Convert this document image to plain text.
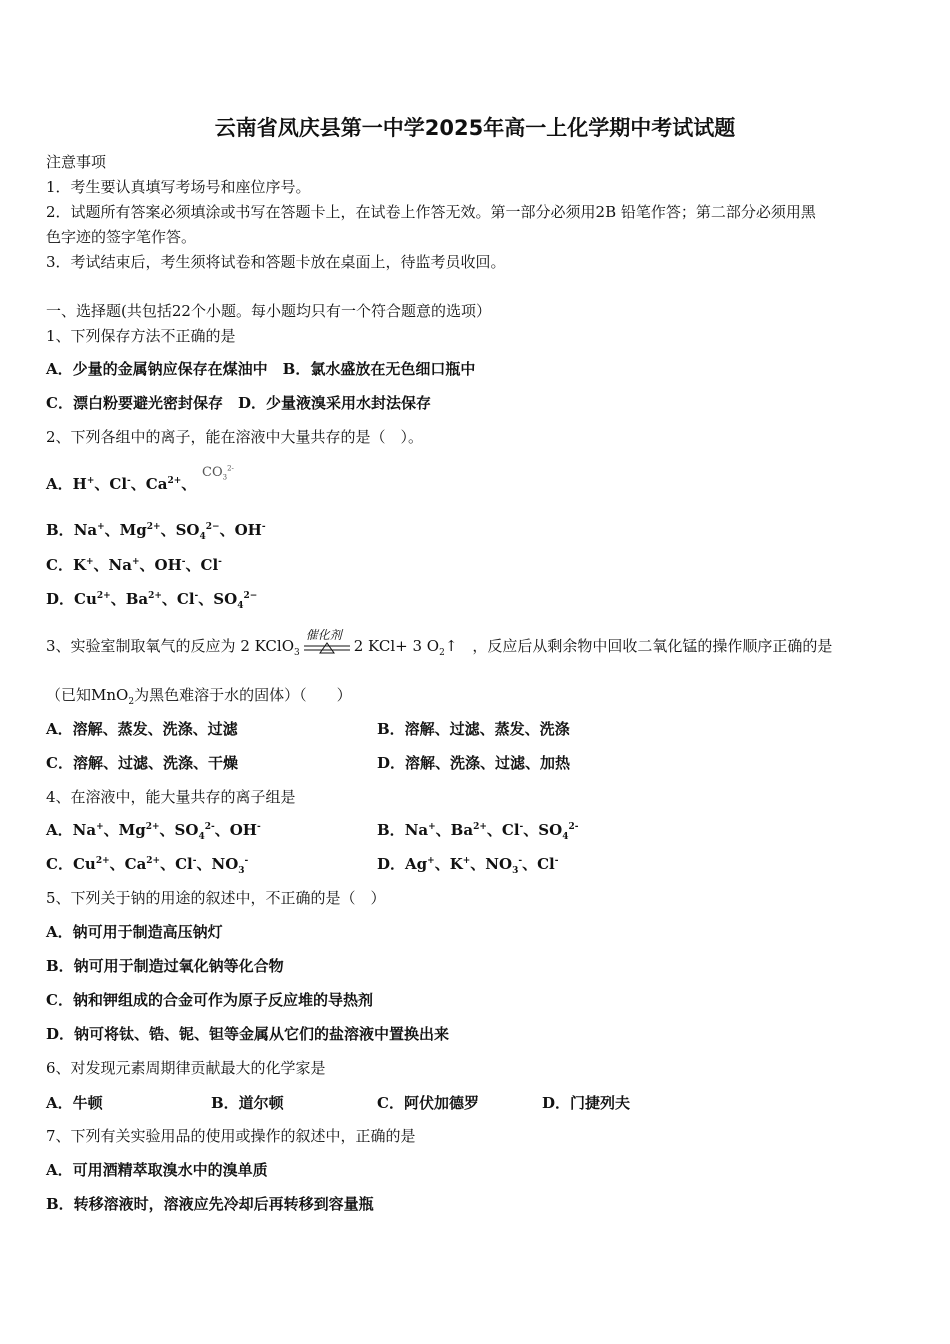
云南省凤庆县第一中学2025年高一上化学期中考试试题
注意事项
1．考生要认真填写考场号和座位序号。
2．试题所有答案必须填涂或书写在答题卡上，在试卷上作答无效。第一部分必须用2B 铅笔作答；第二部分必须用黑
色字迹的签字笔作答。
3．考试结束后，考生须将试卷和答题卡放在桌面上，待监考员收回。
一、选择题(共包括22个小题。每小题均只有一个符合题意的选项）
1、下列保存方法不正确的是
A．少量的金属钠应保存在煤油中　B．氯水盛放在无色细口瓶中
C．漂白粉要避光密封保存　D．少量液溴采用水封法保存
2、下列各组中的离子，能在溶液中大量共存的是（　）。
A．H+、Cl-、$Ca^{2+}$、
$CO_3^{2-}$
B．Na+、$Mg^{2+}$、$SO_4^{2-}$、OH-
C．K+、Na+、OH-、Cl-
D．$Cu^{2+}$、$Ba^{2+}$、Cl-、$SO_4^{2-}$
3、实验室制取氧气的反应为 2 KClO$_3$
催化剂
2 KCl+ 3 $O_2↑$　，反应后从剩余物中回收二氧化锰的操作顺序正确的是
（已知MnO$_2$为黑色难溶于水的固体）（　　）
A．溶解、蒸发、洗涤、过滤	B．溶解、过滤、蒸发、洗涤
C．溶解、过滤、洗涤、干燥	D．溶解、洗涤、过滤、加热
4、在溶液中，能大量共存的离子组是
A．Na+、$Mg^{2+}$、$SO_4^{2-}$、OH-	B．Na+、$Ba^{2+}$、Cl-、$SO_4^{2-}$
C．$Cu^{2+}$、$Ca^{2+}$、Cl-、$NO_3^-$	D．Ag+、K+、$NO_3^-$、Cl-
5、下列关于钠的用途的叙述中，不正确的是（　）
A．钠可用于制造高压钠灯
B．钠可用于制造过氧化钠等化合物
C．钠和钾组成的合金可作为原子反应堆的导热剂
D．钠可将钛、锆、铌、钽等金属从它们的盐溶液中置换出来
6、对发现元素周期律贡献最大的化学家是
A．牛顿	B．道尔顿	C．阿伏加德罗	D．门捷列夫
7、下列有关实验用品的使用或操作的叙述中，正确的是
A．可用酒精萃取溴水中的溴单质
B．转移溶液时，溶液应先冷却后再转移到容量瓶
